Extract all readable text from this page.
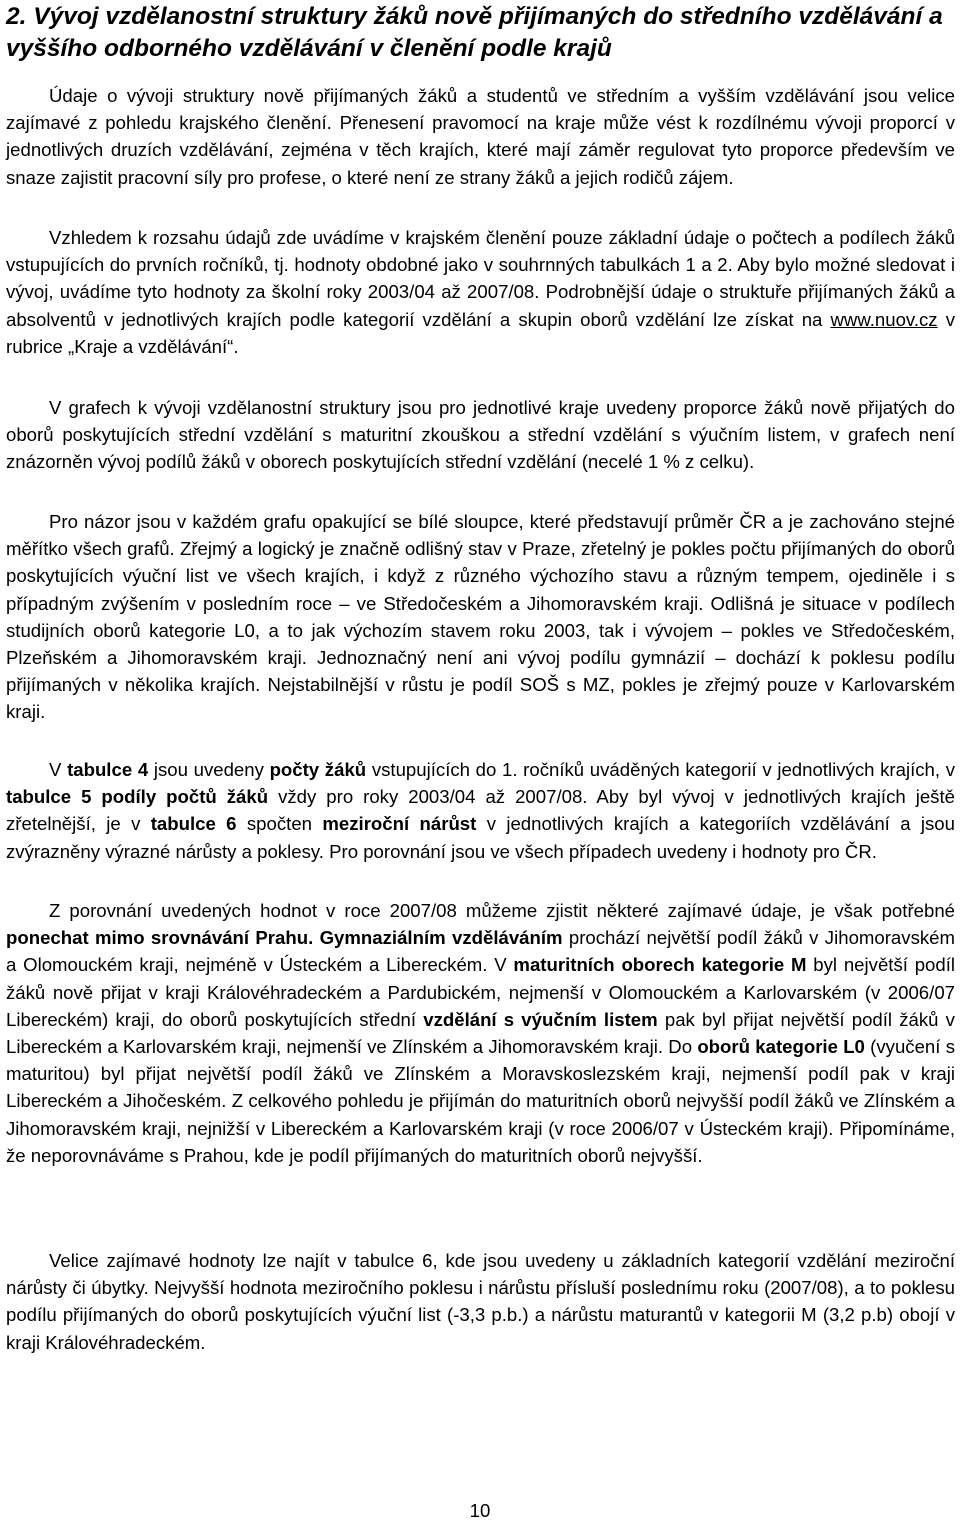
2. Vývoj vzdělanostní struktury žáků nově přijímaných do středního vzdělávání a vyššího odborného vzdělávání v členění podle krajů

Údaje o vývoji struktury nově přijímaných žáků a studentů ve středním a vyšším vzdělávání jsou velice zajímavé z pohledu krajského členění. Přenesení pravomocí na kraje může vést k rozdílnému vývoji proporcí v jednotlivých druzích vzdělávání, zejména v těch krajích, které mají záměr regulovat tyto proporce především ve snaze zajistit pracovní síly pro profese, o které není ze strany žáků a jejich rodičů zájem.

Vzhledem k rozsahu údajů zde uvádíme v krajském členění pouze základní údaje o počtech a podílech žáků vstupujících do prvních ročníků, tj. hodnoty obdobné jako v souhrnných tabulkách 1 a 2. Aby bylo možné sledovat i vývoj, uvádíme tyto hodnoty za školní roky 2003/04 až 2007/08. Podrobnější údaje o struktuře přijímaných žáků a absolventů v jednotlivých krajích podle kategorií vzdělání a skupin oborů vzdělání lze získat na www.nuov.cz v rubrice „Kraje a vzdělávání“.

V grafech k vývoji vzdělanostní struktury jsou pro jednotlivé kraje uvedeny proporce žáků nově přijatých do oborů poskytujících střední vzdělání s maturitní zkouškou a střední vzdělání s výučním listem, v grafech není znázorněn vývoj podílů žáků v oborech poskytujících střední vzdělání (necelé 1 % z celku).

Pro názor jsou v každém grafu opakující se bílé sloupce, které představují průměr ČR a je zachováno stejné měřítko všech grafů. Zřejmý a logický je značně odlišný stav v Praze, zřetelný je pokles počtu přijímaných do oborů poskytujících výuční list ve všech krajích, i když z různého výchozího stavu a různým tempem, ojediněle i s případným zvýšením v posledním roce – ve Středočeském a Jihomoravském kraji. Odlišná je situace v podílech studijních oborů kategorie L0, a to jak výchozím stavem roku 2003, tak i vývojem – pokles ve Středočeském, Plzeňském a Jihomoravském kraji. Jednoznačný není ani vývoj podílu gymnázií – dochází k poklesu podílu přijímaných v několika krajích. Nejstabilnější v růstu je podíl SOŠ s MZ, pokles je zřejmý pouze v Karlovarském kraji.

V tabulce 4 jsou uvedeny počty žáků vstupujících do 1. ročníků uváděných kategorií v jednotlivých krajích, v tabulce 5 podíly počtů žáků vždy pro roky 2003/04 až 2007/08. Aby byl vývoj v jednotlivých krajích ještě zřetelnější, je v tabulce 6 spočten meziroční nárůst v jednotlivých krajích a kategoriích vzdělávání a jsou zvýrazněny výrazné nárůsty a poklesy. Pro porovnání jsou ve všech případech uvedeny i hodnoty pro ČR.

Z porovnání uvedených hodnot v roce 2007/08 můžeme zjistit některé zajímavé údaje, je však potřebné ponechat mimo srovnávání Prahu. Gymnaziálním vzděláváním prochází největší podíl žáků v Jihomoravském a Olomouckém kraji, nejméně v Ústeckém a Libereckém. V maturitních oborech kategorie M byl největší podíl žáků nově přijat v kraji Královéhradeckém a Pardubickém, nejmenší v Olomouckém a Karlovarském (v 2006/07 Libereckém) kraji, do oborů poskytujících střední vzdělání s výučním listem pak byl přijat největší podíl žáků v Libereckém a Karlovarském kraji, nejmenší ve Zlínském a Jihomoravském kraji. Do oborů kategorie L0 (vyučení s maturitou) byl přijat největší podíl žáků ve Zlínském a Moravskoslezském kraji, nejmenší podíl pak v kraji Libereckém a Jihočeském. Z celkového pohledu je přijímán do maturitních oborů nejvyšší podíl žáků ve Zlínském a Jihomoravském kraji, nejnižší v Libereckém a Karlovarském kraji (v roce 2006/07 v Ústeckém kraji). Připomínáme, že neporovnáváme s Prahou, kde je podíl přijímaných do maturitních oborů nejvyšší.

Velice zajímavé hodnoty lze najít v tabulce 6, kde jsou uvedeny u základních kategorií vzdělání meziroční nárůsty či úbytky. Nejvyšší hodnota meziročního poklesu i nárůstu přísluší poslednímu roku (2007/08), a to poklesu podílu přijímaných do oborů poskytujících výuční list (-3,3 p.b.) a nárůstu maturantů v kategorii M (3,2 p.b) obojí v kraji Královéhradeckém.

10
